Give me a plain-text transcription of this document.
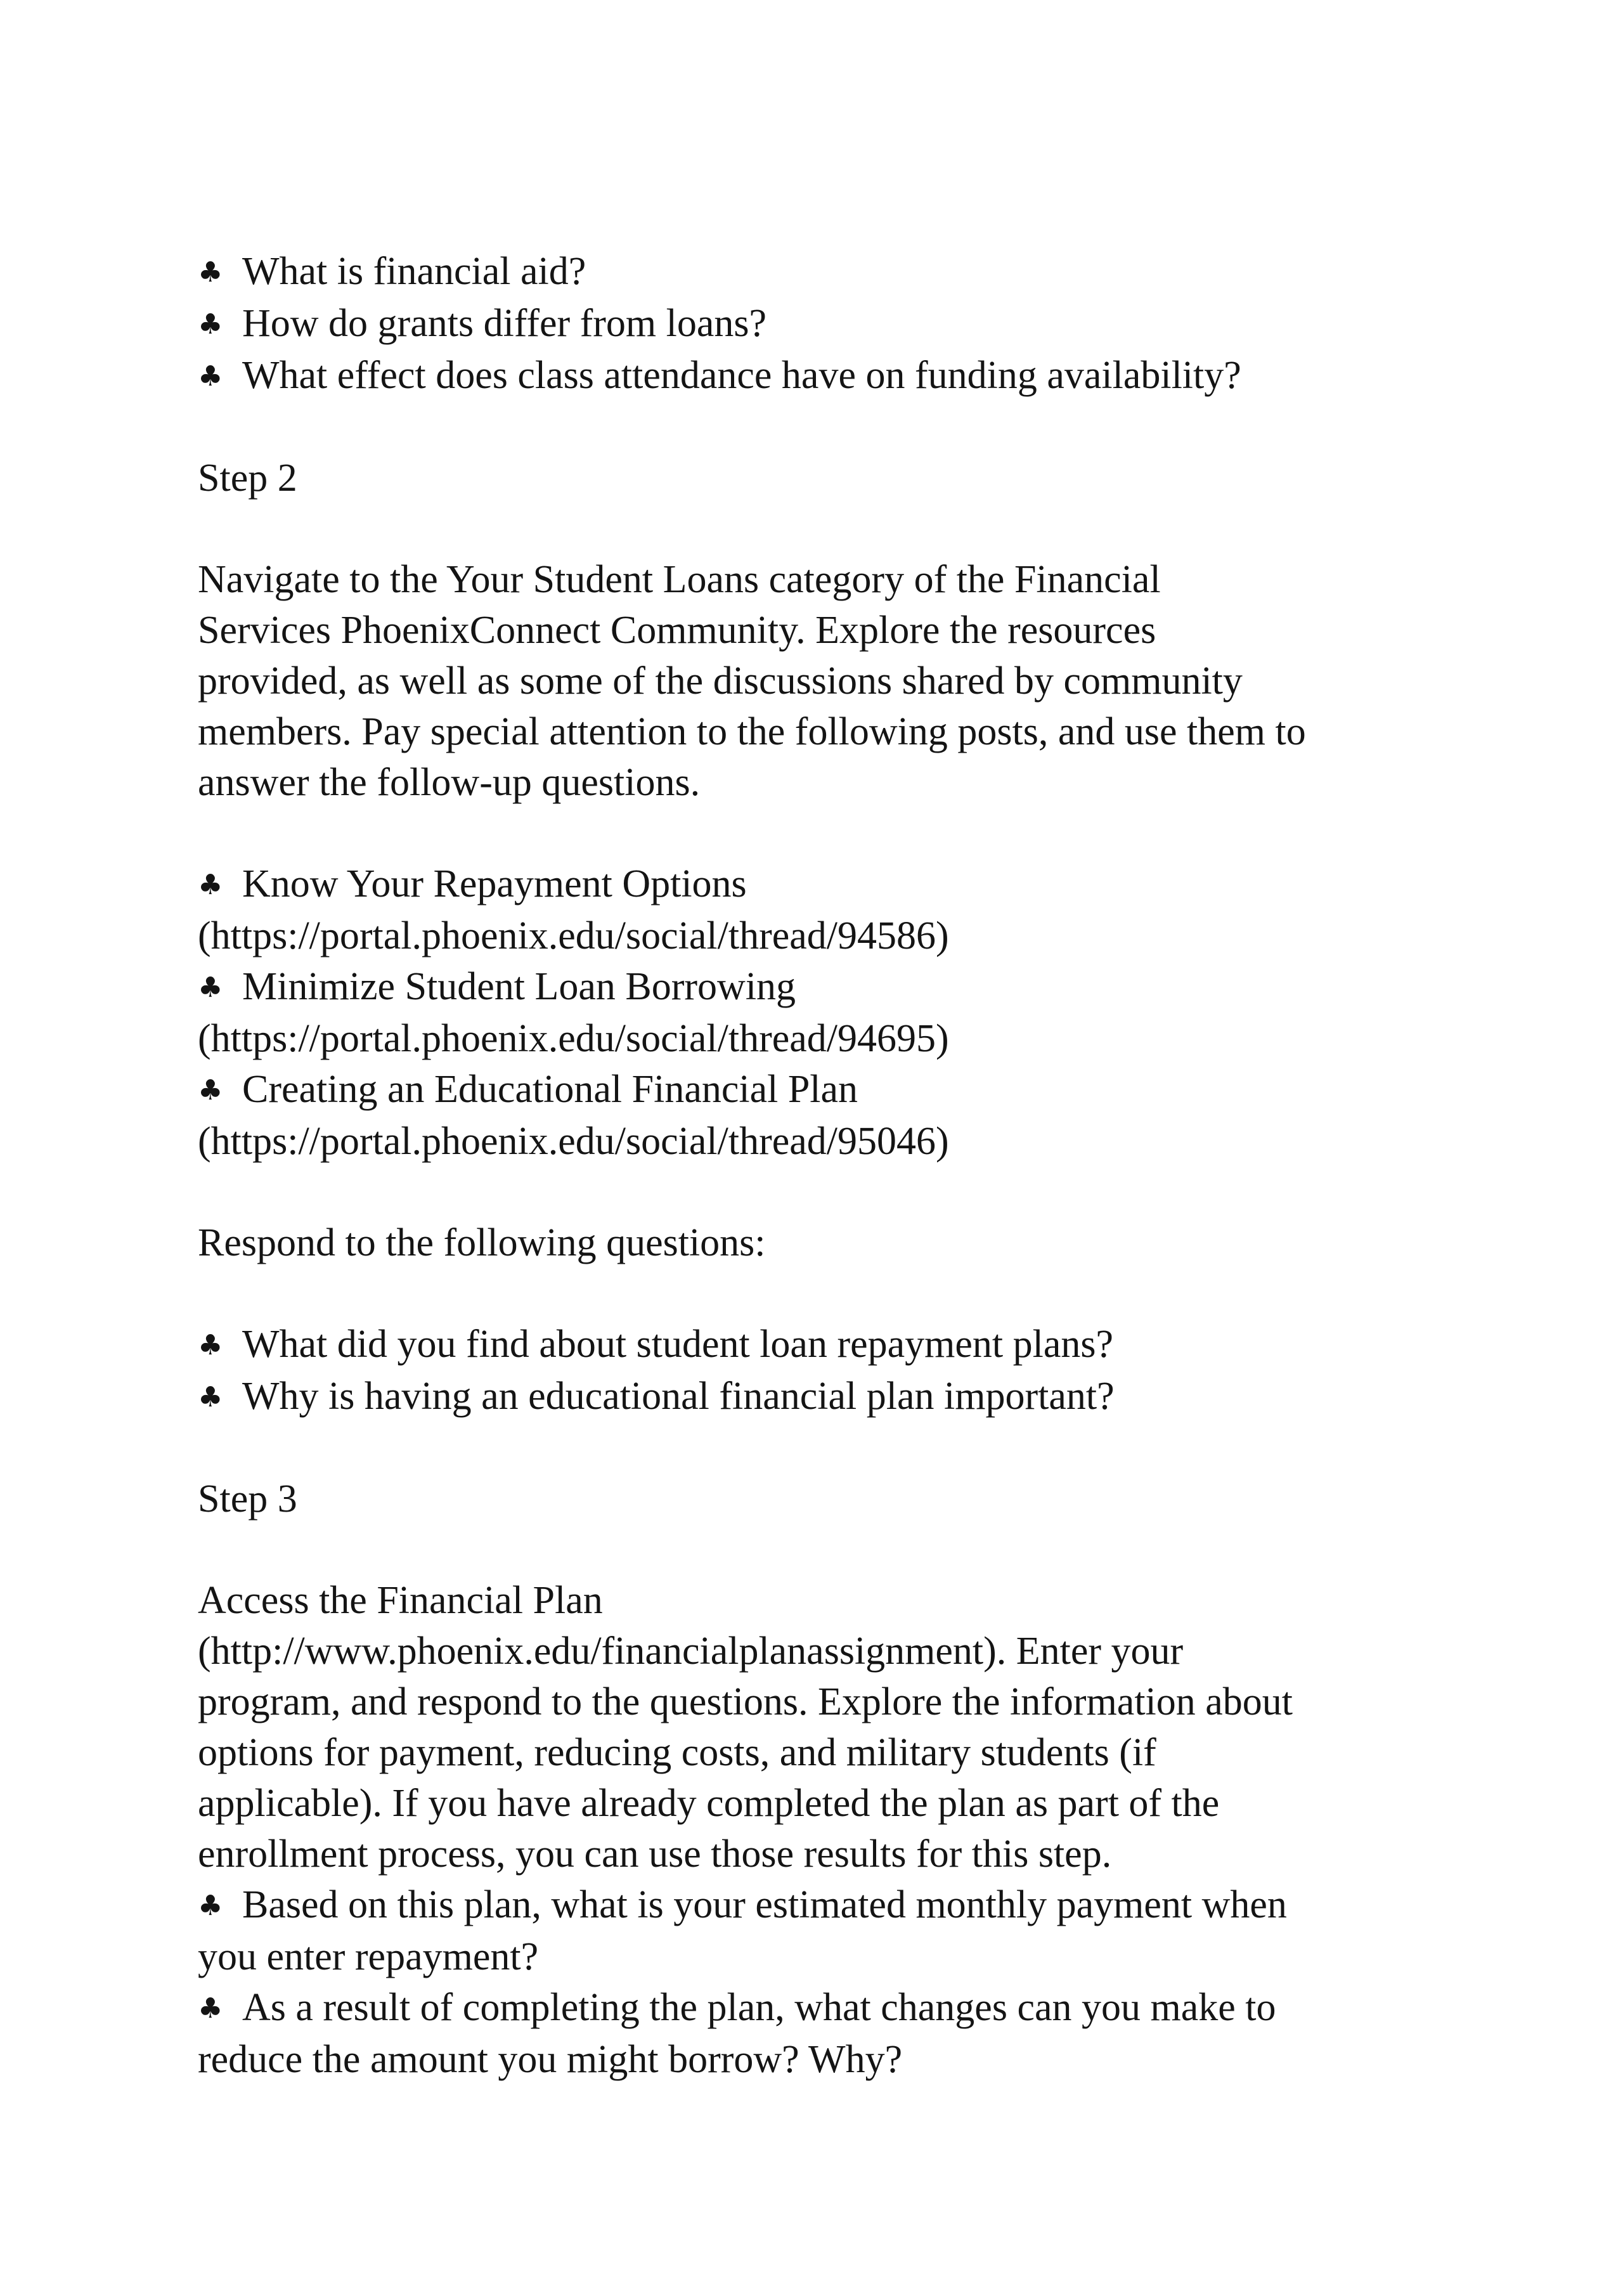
♣ What is financial aid?

♣ How do grants differ from loans?

♣ What effect does class attendance have on funding availability?

Step 2

Navigate to the Your Student Loans category of the Financial

Services PhoenixConnect Community. Explore the resources

provided, as well as some of the discussions shared by community

members. Pay special attention to the following posts, and use them to

answer the follow-up questions.

♣ Know Your Repayment Options

(https://portal.phoenix.edu/social/thread/94586)

♣ Minimize Student Loan Borrowing

(https://portal.phoenix.edu/social/thread/94695)

♣ Creating an Educational Financial Plan

(https://portal.phoenix.edu/social/thread/95046)

Respond to the following questions:

♣ What did you find about student loan repayment plans?

♣ Why is having an educational financial plan important?

Step 3

Access the Financial Plan

(http://www.phoenix.edu/financialplanassignment). Enter your

program, and respond to the questions. Explore the information about

options for payment, reducing costs, and military students (if

applicable). If you have already completed the plan as part of the

enrollment process, you can use those results for this step.

♣ Based on this plan, what is your estimated monthly payment when

you enter repayment?

♣ As a result of completing the plan, what changes can you make to

reduce the amount you might borrow? Why?
